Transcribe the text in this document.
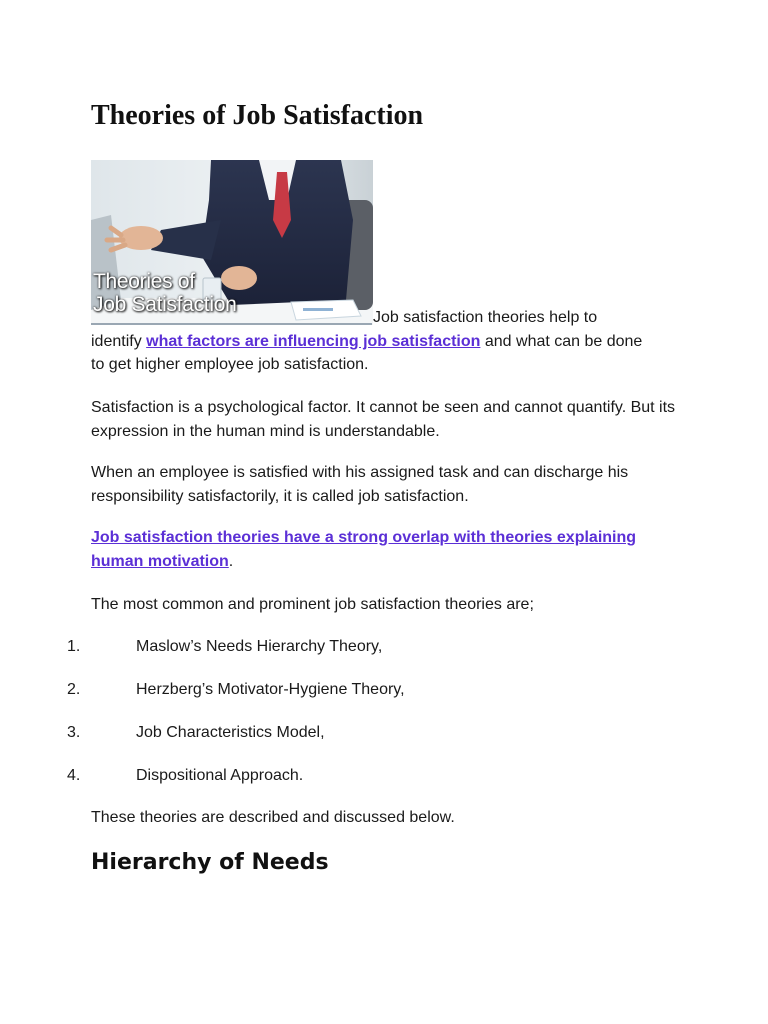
Theories of Job Satisfaction
Theories of
Job Satisfaction
Job satisfaction theories help to
identify what factors are influencing job satisfaction and what can be done
to get higher employee job satisfaction.

Satisfaction is a psychological factor. It cannot be seen and cannot quantify. But its expression in the human mind is understandable.

When an employee is satisfied with his assigned task and can discharge his responsibility satisfactorily, it is called job satisfaction.

Job satisfaction theories have a strong overlap with theories explaining human motivation.

The most common and prominent job satisfaction theories are;

1.	Maslow’s Needs Hierarchy Theory,
2.	Herzberg’s Motivator-Hygiene Theory,
3.	Job Characteristics Model,
4.	Dispositional Approach.

These theories are described and discussed below.

Hierarchy of Needs
